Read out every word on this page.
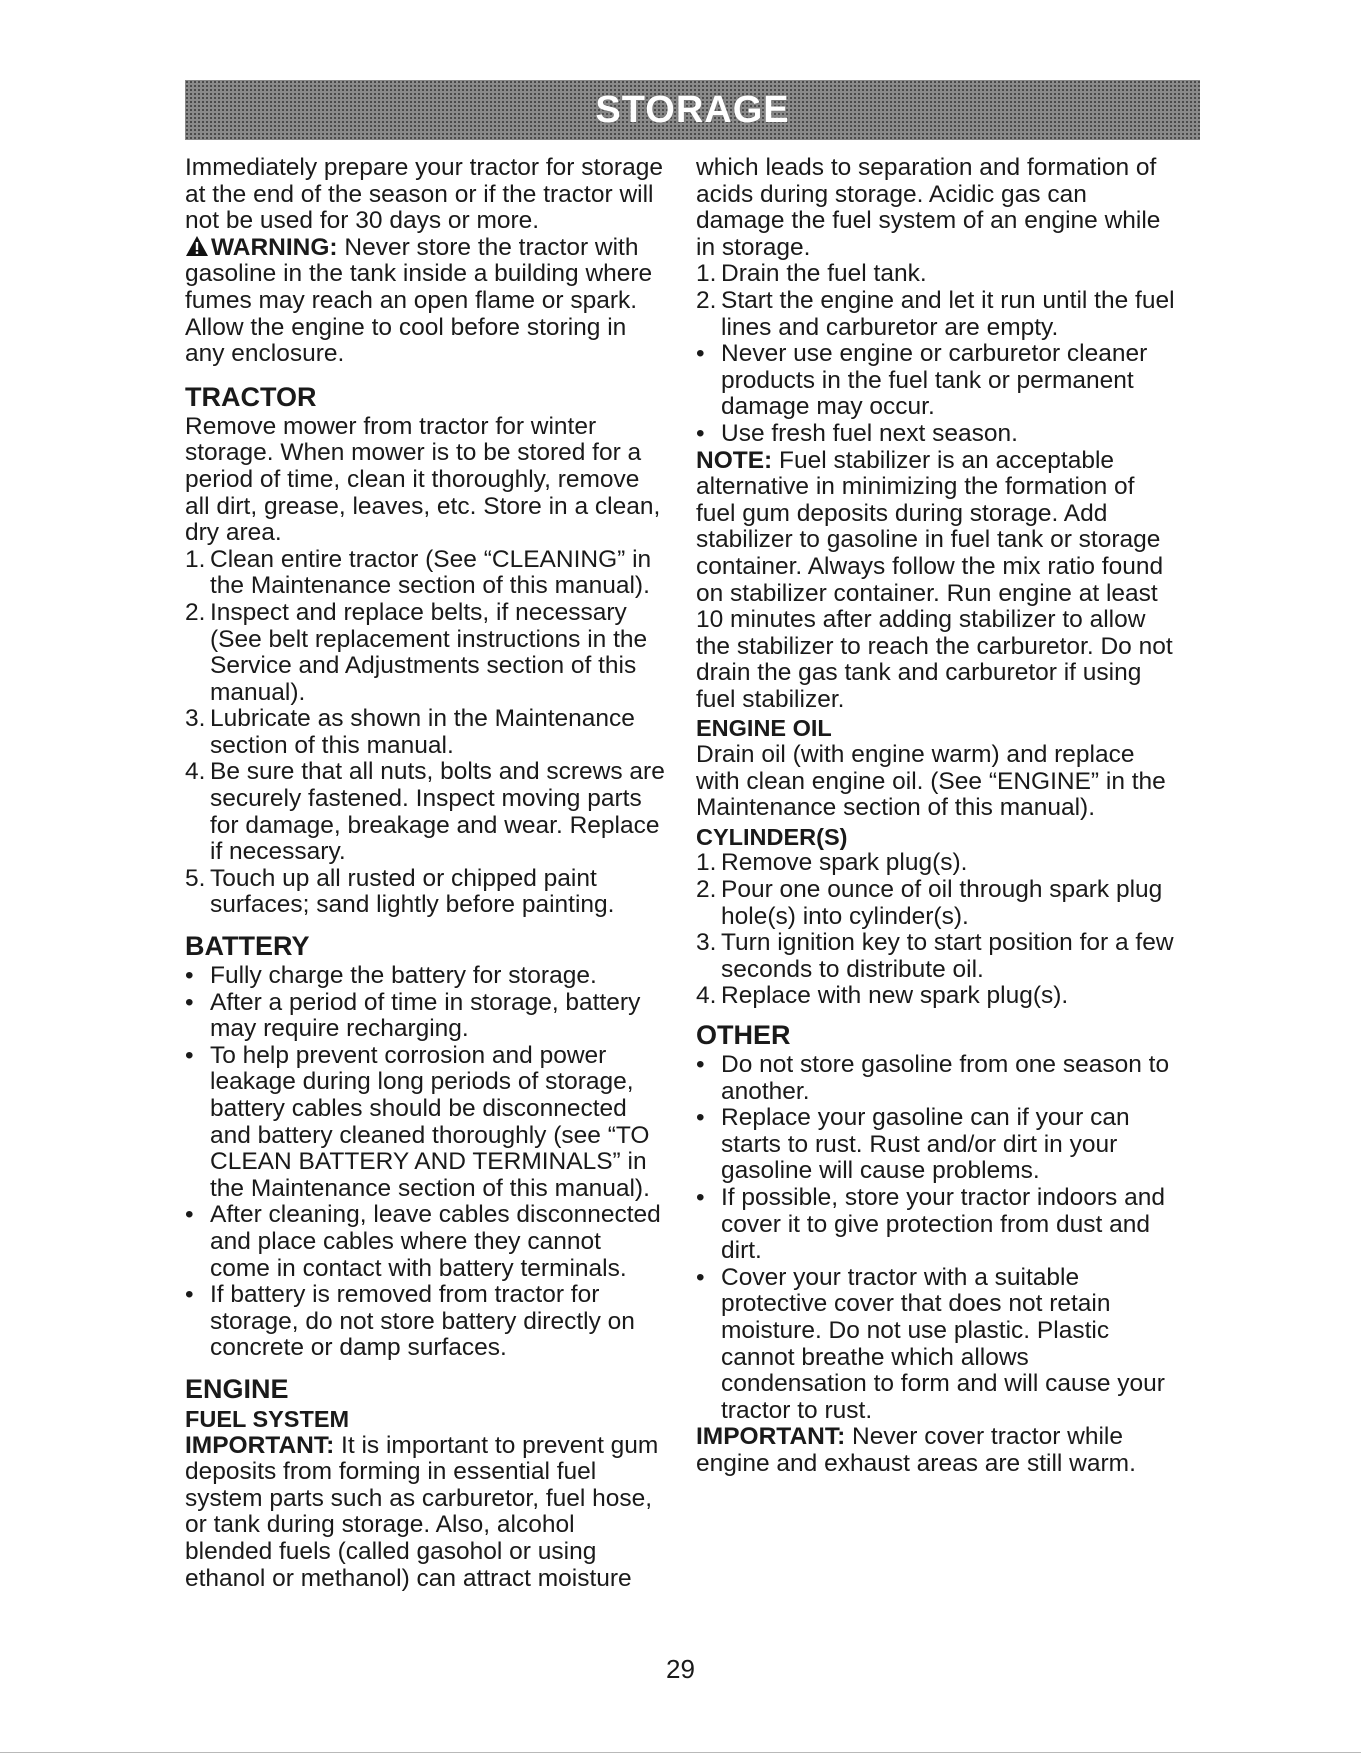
STORAGE

Immediately prepare your tractor for storage at the end of the season or if the tractor will not be used for 30 days or more.

WARNING: Never store the tractor with gasoline in the tank inside a building where fumes may reach an open flame or spark. Allow the engine to cool before storing in any enclosure.

TRACTOR

Remove mower from tractor for winter storage. When mower is to be stored for a period of time, clean it thoroughly, remove all dirt, grease, leaves, etc. Store in a clean, dry area.

1. Clean entire tractor (See “CLEANING” in the Maintenance section of this manual).
2. Inspect and replace belts, if necessary (See belt replacement instructions in the Service and Adjustments section of this manual).
3. Lubricate as shown in the Maintenance section of this manual.
4. Be sure that all nuts, bolts and screws are securely fastened. Inspect moving parts for damage, breakage and wear. Replace if necessary.
5. Touch up all rusted or chipped paint surfaces; sand lightly before painting.
BATTERY
• Fully charge the battery for storage.
• After a period of time in storage, battery may require recharging.
• To help prevent corrosion and power leakage during long periods of storage, battery cables should be disconnected and battery cleaned thoroughly (see “TO CLEAN BATTERY AND TERMINALS” in the Maintenance section of this manual).
• After cleaning, leave cables disconnected and place cables where they cannot come in contact with battery terminals.
• If battery is removed from tractor for storage, do not store battery directly on concrete or damp surfaces.
ENGINE
FUEL SYSTEM

IMPORTANT: It is important to prevent gum deposits from forming in essential fuel system parts such as carburetor, fuel hose, or tank during storage. Also, alcohol blended fuels (called gasohol or using ethanol or methanol) can attract moisture

which leads to separation and formation of acids during storage. Acidic gas can damage the fuel system of an engine while in storage.

1. Drain the fuel tank.
2. Start the engine and let it run until the fuel lines and carburetor are empty.
• Never use engine or carburetor cleaner products in the fuel tank or permanent damage may occur.
• Use fresh fuel next season.

NOTE: Fuel stabilizer is an acceptable alternative in minimizing the formation of fuel gum deposits during storage. Add stabilizer to gasoline in fuel tank or storage container. Always follow the mix ratio found on stabilizer container. Run engine at least 10 minutes after adding stabilizer to allow the stabilizer to reach the carburetor. Do not drain the gas tank and carburetor if using fuel stabilizer.

ENGINE OIL

Drain oil (with engine warm) and replace with clean engine oil. (See “ENGINE” in the Maintenance section of this manual).

CYLINDER(S)
1. Remove spark plug(s).
2. Pour one ounce of oil through spark plug hole(s) into cylinder(s).
3. Turn ignition key to start position for a few seconds to distribute oil.
4. Replace with new spark plug(s).
OTHER
• Do not store gasoline from one season to another.
• Replace your gasoline can if your can starts to rust. Rust and/or dirt in your gasoline will cause problems.
• If possible, store your tractor indoors and cover it to give protection from dust and dirt.
• Cover your tractor with a suitable protective cover that does not retain moisture. Do not use plastic. Plastic cannot breathe which allows condensation to form and will cause your tractor to rust.

IMPORTANT: Never cover tractor while engine and exhaust areas are still warm.

29
